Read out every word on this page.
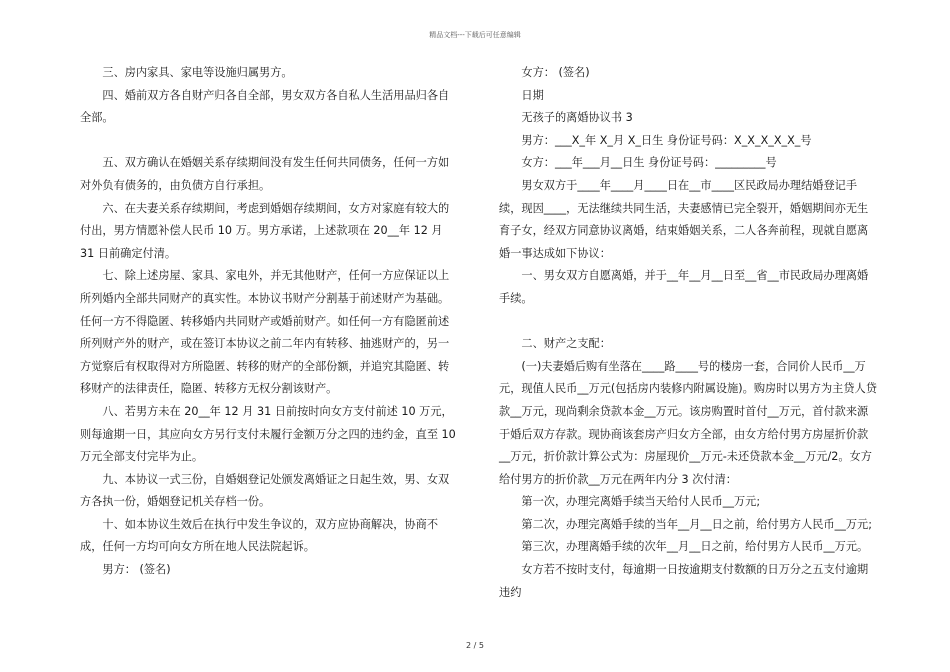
精品文档---下载后可任意编辑

三、房内家具、家电等设施归属男方。

四、婚前双方各自财产归各自全部，男女双方各自私人生活用品归各自全部。

五、双方确认在婚姻关系存续期间没有发生任何共同债务，任何一方如对外负有债务的，由负债方自行承担。

六、在夫妻关系存续期间，考虑到婚姻存续期间，女方对家庭有较大的付出，男方情愿补偿人民币 10 万。男方承诺，上述款项在 20__年 12 月 31 日前确定付清。

七、除上述房屋、家具、家电外，并无其他财产，任何一方应保证以上所列婚内全部共同财产的真实性。本协议书财产分割基于前述财产为基础。任何一方不得隐匿、转移婚内共同财产或婚前财产。如任何一方有隐匿前述所列财产外的财产，或在签订本协议之前二年内有转移、抽逃财产的，另一方觉察后有权取得对方所隐匿、转移的财产的全部份额，并追究其隐匿、转移财产的法律责任，隐匿、转移方无权分割该财产。

八、若男方未在 20__年 12 月 31 日前按时向女方支付前述 10 万元，则每逾期一日，其应向女方另行支付未履行金额万分之四的违约金，直至 10 万元全部支付完毕为止。

九、本协议一式三份，自婚姻登记处颁发离婚证之日起生效，男、女双方各执一份，婚姻登记机关存档一份。

十、如本协议生效后在执行中发生争议的，双方应协商解决，协商不成，任何一方均可向女方所在地人民法院起诉。

男方： (签名)

女方： (签名)

日期

无孩子的离婚协议书 3

男方：___X_年 X_月 X_日生 身份证号码：X_X_X_X_X_号

女方：___年___月__日生 身份证号码：_________号

男女双方于____年____月____日在__市____区民政局办理结婚登记手续，现因____，无法继续共同生活，夫妻感情已完全裂开，婚姻期间亦无生育子女，经双方同意协议离婚，结束婚姻关系，二人各奔前程，现就自愿离婚一事达成如下协议：

一、男女双方自愿离婚，并于__年__月__日至__省__市民政局办理离婚手续。

二、财产之支配：

(一)夫妻婚后购有坐落在____路____号的楼房一套，合同价人民币__万元，现值人民币__万元(包括房内装修内附属设施)。购房时以男方为主贷人贷款__万元，现尚剩余贷款本金__万元。该房购置时首付__万元，首付款来源于婚后双方存款。现协商该套房产归女方全部，由女方给付男方房屋折价款__万元，折价款计算公式为：房屋现价__万元-未还贷款本金__万元/2。女方给付男方的折价款__万元在两年内分 3 次付清：

第一次，办理完离婚手续当天给付人民币__万元;

第二次，办理完离婚手续的当年__月__日之前，给付男方人民币__万元;

第三次，办理离婚手续的次年__月__日之前，给付男方人民币__万元。

女方若不按时支付，每逾期一日按逾期支付数额的日万分之五支付逾期违约

2 / 5
